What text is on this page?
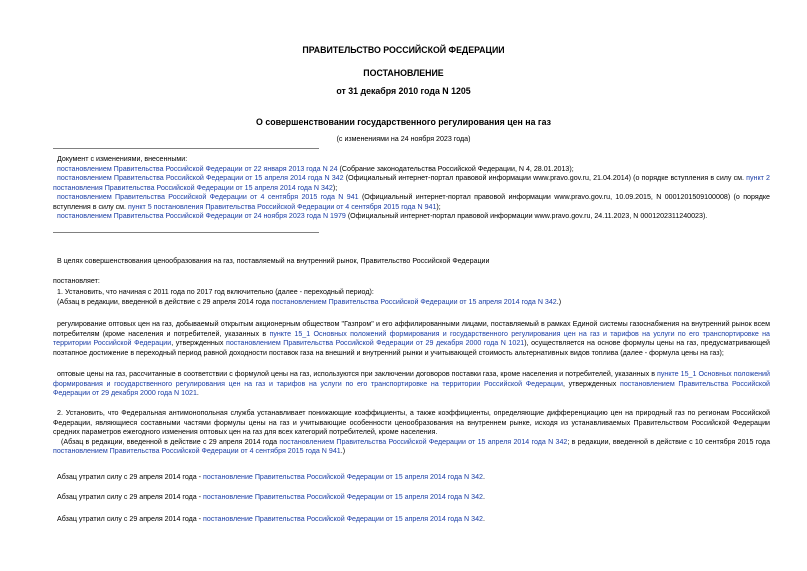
ПРАВИТЕЛЬСТВО РОССИЙСКОЙ ФЕДЕРАЦИИ
ПОСТАНОВЛЕНИЕ
от 31 декабря 2010 года N 1205
О совершенствовании государственного регулирования цен на газ
(с изменениями на 24 ноября 2023 года)

Документ с изменениями, внесенными:

постановлением Правительства Российской Федерации от 22 января 2013 года N 24 (Собрание законодательства Российской Федерации, N 4, 28.01.2013);

постановлением Правительства Российской Федерации от 15 апреля 2014 года N 342 (Официальный интернет-портал правовой информации www.pravo.gov.ru, 21.04.2014) (о порядке вступления в силу см. пункт 2 постановления Правительства Российской Федерации от 15 апреля 2014 года N 342);

постановлением Правительства Российской Федерации от 4 сентября 2015 года N 941 (Официальный интернет-портал правовой информации www.pravo.gov.ru, 10.09.2015, N 0001201509100008) (о порядке вступления в силу см. пункт 5 постановления Правительства Российской Федерации от 4 сентября 2015 года N 941);

постановлением Правительства Российской Федерации от 24 ноября 2023 года N 1979 (Официальный интернет-портал правовой информации www.pravo.gov.ru, 24.11.2023, N 0001202311240023).

В целях совершенствования ценообразования на газ, поставляемый на внутренний рынок, Правительство Российской Федерации
постановляет:
1. Установить, что начиная с 2011 года по 2017 год включительно (далее - переходный период):
(Абзац в редакции, введенной в действие с 29 апреля 2014 года постановлением Правительства Российской Федерации от 15 апреля 2014 года N 342.)
регулирование оптовых цен на газ, добываемый открытым акционерным обществом "Газпром" и его аффилированными лицами, поставляемый в рамках Единой системы газоснабжения на внутренний рынок всем потребителям (кроме населения и потребителей, указанных в пункте 15_1 Основных положений формирования и государственного регулирования цен на газ и тарифов на услуги по его транспортировке на территории Российской Федерации, утвержденных постановлением Правительства Российской Федерации от 29 декабря 2000 года N 1021), осуществляется на основе формулы цены на газ, предусматривающей поэтапное достижение в переходный период равной доходности поставок газа на внешний и внутренний рынки и учитывающей стоимость альтернативных видов топлива (далее - формула цены на газ);
оптовые цены на газ, рассчитанные в соответствии с формулой цены на газ, используются при заключении договоров поставки газа, кроме населения и потребителей, указанных в пункте 15_1 Основных положений формирования и государственного регулирования цен на газ и тарифов на услуги по его транспортировке на территории Российской Федерации, утвержденных постановлением Правительства Российской Федерации от 29 декабря 2000 года N 1021.

2. Установить, что Федеральная антимонопольная служба устанавливает понижающие коэффициенты, а также коэффициенты, определяющие дифференциацию цен на природный газ по регионам Российской Федерации, являющиеся составными частями формулы цены на газ и учитывающие особенности ценообразования на внутреннем рынке, исходя из устанавливаемых Правительством Российской Федерации средних параметров ежегодного изменения оптовых цен на газ для всех категорий потребителей, кроме населения.

(Абзац в редакции, введенной в действие с 29 апреля 2014 года постановлением Правительства Российской Федерации от 15 апреля 2014 года N 342; в редакции, введенной в действие с 10 сентября 2015 года постановлением Правительства Российской Федерации от 4 сентября 2015 года N 941.)

Абзац утратил силу с 29 апреля 2014 года - постановление Правительства Российской Федерации от 15 апреля 2014 года N 342.
Абзац утратил силу с 29 апреля 2014 года - постановление Правительства Российской Федерации от 15 апреля 2014 года N 342.
Абзац утратил силу с 29 апреля 2014 года - постановление Правительства Российской Федерации от 15 апреля 2014 года N 342.
